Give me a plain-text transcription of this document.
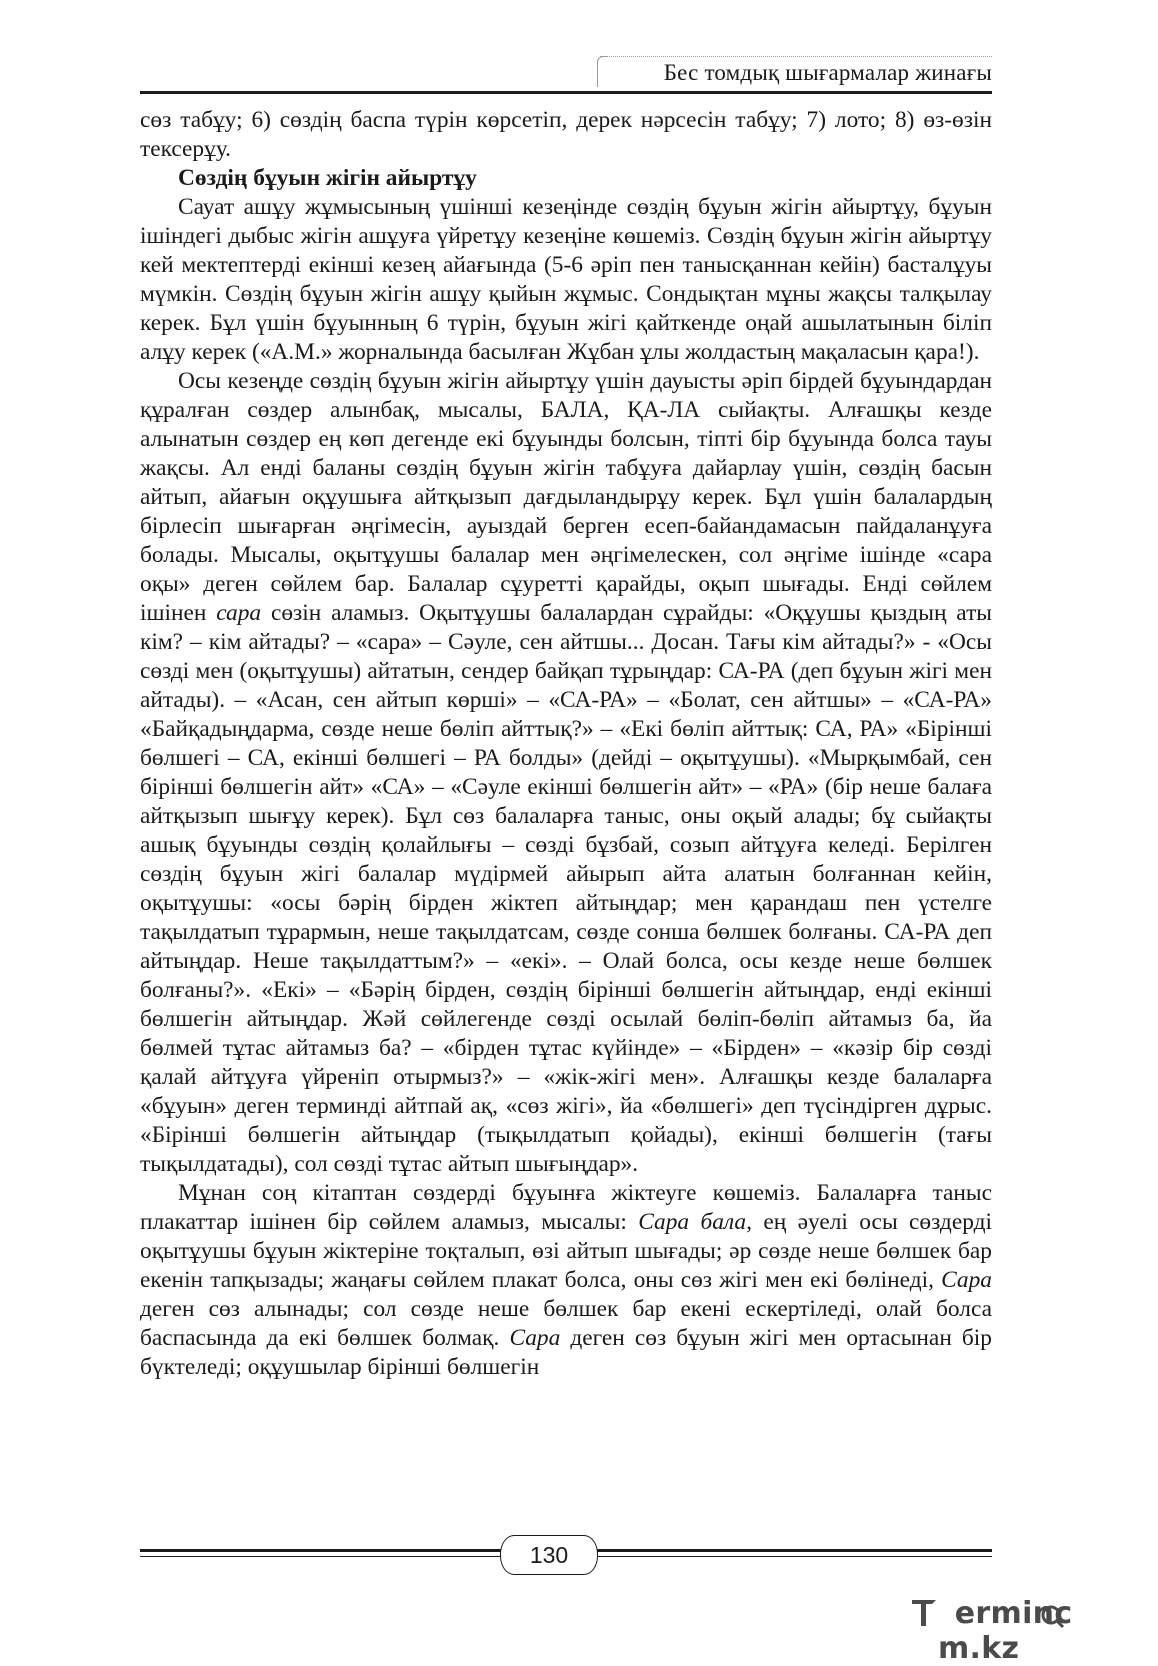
Бес томдық шығармалар жинағы

сөз табұу; 6) сөздің баспа түрін көрсетіп, дерек нәрсесін табұу; 7) лото; 8) өз-өзін тексерұу.

Сөздің бұуын жігін айыртұу

Сауат ашұу жұмысының үшінші кезеңінде сөздің бұуын жігін айыртұу, бұуын ішіндегі дыбыс жігін ашұуға үйретұу кезеңіне көшеміз. Сөздің бұуын жігін айыртұу кей мектептерді екінші кезең айағында (5-6 әріп пен танысқаннан кейін) басталұуы мүмкін. Сөздің бұуын жігін ашұу қыйын жұмыс. Сондықтан мұны жақсы талқылау керек. Бұл үшін бұуынның 6 түрін, бұуын жігі қайткенде оңай ашылатынын біліп алұу керек («А.М.» жорналында басылған Жұбан ұлы жолдастың мақаласын қара!).

Осы кезеңде сөздің бұуын жігін айыртұу үшін дауысты әріп бірдей бұуындардан құралған сөздер алынбақ, мысалы, БАЛА, ҚА-ЛА сыйақты. Алғашқы кезде алынатын сөздер ең көп дегенде екі бұуынды болсын, тіпті бір бұуында болса тауы жақсы. Ал енді баланы сөздің бұуын жігін табұуға дайарлау үшін, сөздің басын айтып, айағын оқұушыға айтқызып дағдыландырұу керек. Бұл үшін балалардың бірлесіп шығарған әңгімесін, ауыздай берген есеп-байандамасын пайдаланұуға болады. Мысалы, оқытұушы балалар мен әңгімелескен, сол әңгіме ішінде «сара оқы» деген сөйлем бар. Балалар сұуретті қарайды, оқып шығады. Енді сөйлем ішінен сара сөзін аламыз. Оқытұушы балалардан сұрайды: «Оқұушы қыздың аты кім? – кім айтады? – «сара» – Сәуле, сен айтшы... Досан. Тағы кім айтады?» - «Осы сөзді мен (оқытұушы) айтатын, сендер байқап тұрыңдар: СА-РА (деп бұуын жігі мен айтады). – «Асан, сен айтып көрші» – «СА-РА» – «Болат, сен айтшы» – «СА-РА» «Байқадыңдарма, сөзде неше бөліп айттық?» – «Екі бөліп айттық: СА, РА» «Бірінші бөлшегі – СА, екінші бөлшегі – РА болды» (дейді – оқытұушы). «Мырқымбай, сен бірінші бөлшегін айт» «СА» – «Сәуле екінші бөлшегін айт» – «РА» (бір неше балаға айтқызып шығұу керек). Бұл сөз балаларға таныс, оны оқый алады; бұ сыйақты ашық бұуынды сөздің қолайлығы – сөзді бұзбай, созып айтұуға келеді. Берілген сөздің бұуын жігі балалар мүдірмей айырып айта алатын болғаннан кейін, оқытұушы: «осы бәрің бірден жіктеп айтыңдар; мен қарандаш пен үстелге тақылдатып тұрармын, неше тақылдатсам, сөзде сонша бөлшек болғаны. СА-РА деп айтыңдар. Неше тақылдаттым?» – «екі». – Олай болса, осы кезде неше бөлшек болғаны?». «Екі» – «Бәрің бірден, сөздің бірінші бөлшегін айтыңдар, енді екінші бөлшегін айтыңдар. Жәй сөйлегенде сөзді осылай бөліп-бөліп айтамыз ба, йа бөлмей тұтас айтамыз ба? – «бірден тұтас күйінде» – «Бірден» – «кәзір бір сөзді қалай айтұуға үйреніп отырмыз?» – «жік-жігі мен». Алғашқы кезде балаларға «бұуын» деген терминді айтпай ақ, «сөз жігі», йа «бөлшегі» деп түсіндірген дұрыс. «Бірінші бөлшегін айтыңдар (тықылдатып қойады), екінші бөлшегін (тағы тықылдатады), сол сөзді тұтас айтып шығыңдар».

Мұнан соң кітаптан сөздерді бұуынға жіктеуге көшеміз. Балаларға таныс плакаттар ішінен бір сөйлем аламыз, мысалы: Сара бала, ең әуелі осы сөздерді оқытұушы бұуын жіктеріне тоқталып, өзі айтып шығады; әр сөзде неше бөлшек бар екенін тапқызады; жаңағы сөйлем плакат болса, оны сөз жігі мен екі бөлінеді, Сара деген сөз алынады; сол сөзде неше бөлшек бар екені ескертіледі, олай болса баспасында да екі бөлшек болмақ. Сара деген сөз бұуын жігі мен ортасынан бір бүктеледі; оқұушылар бірінші бөлшегін

130
erminc m.kz
